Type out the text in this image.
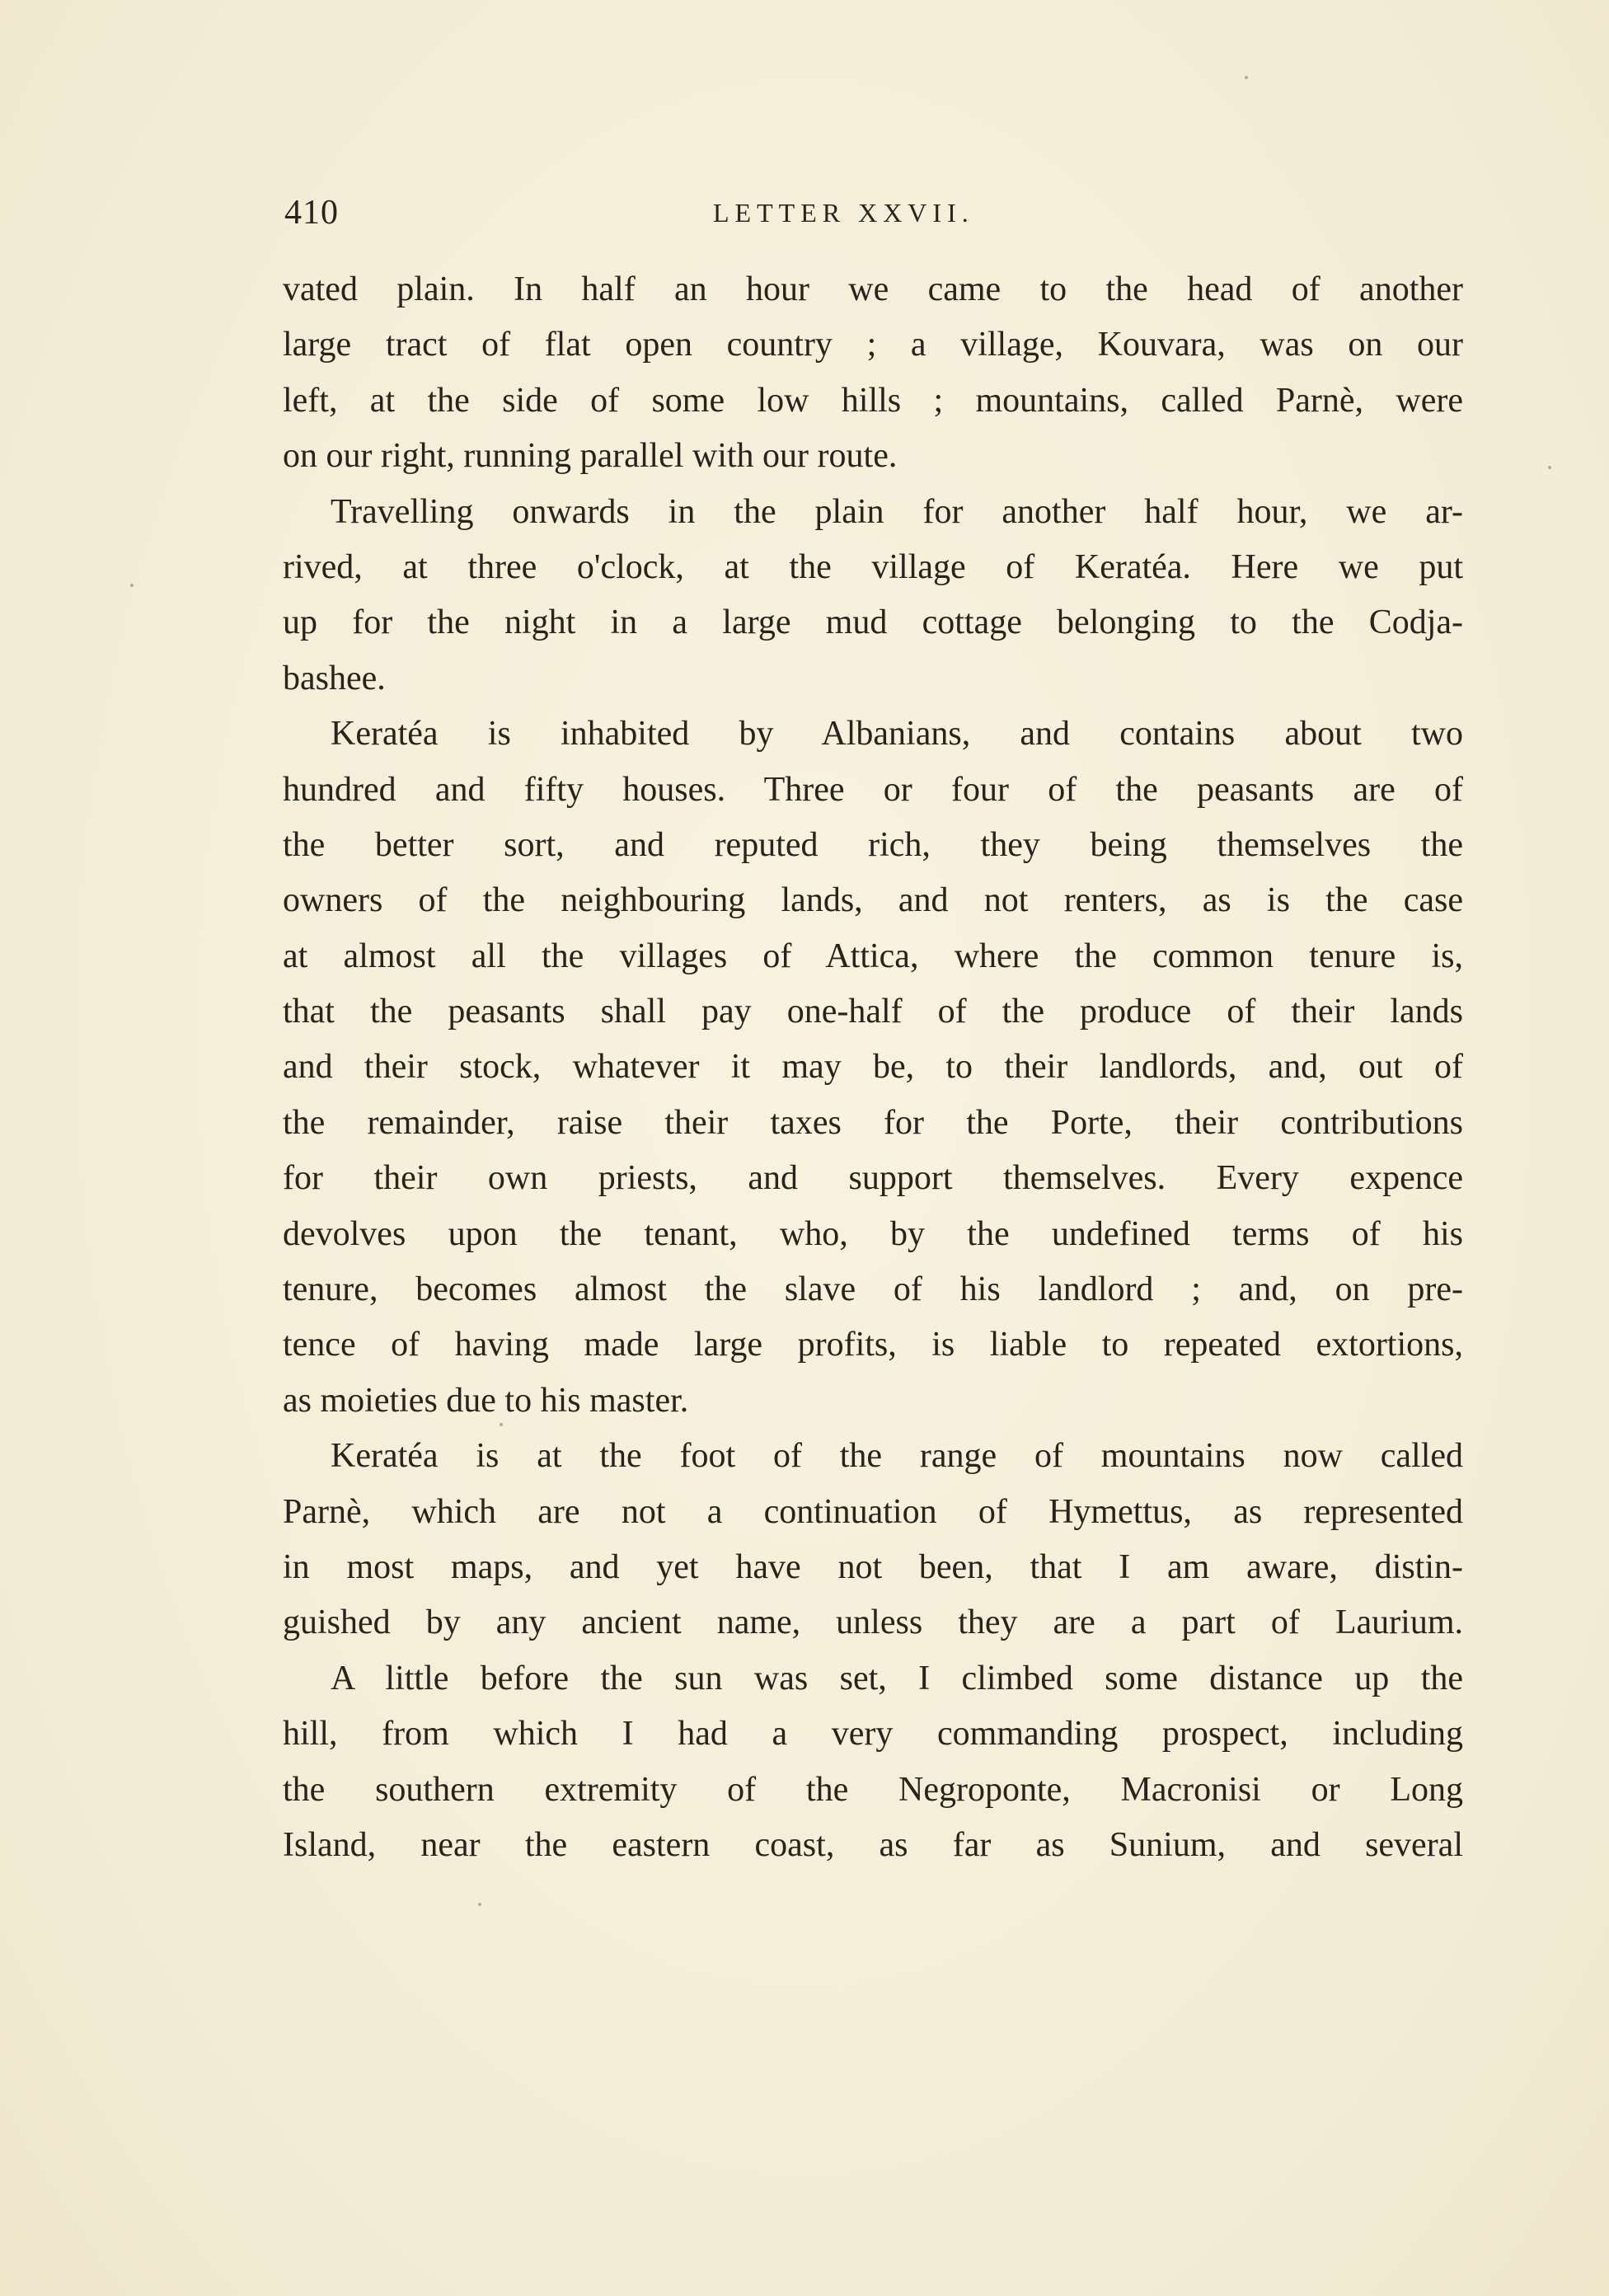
410	LETTER XXVII.
vated plain. In half an hour we came to the head of another
large tract of flat open country ; a village, Kouvara, was on our
left, at the side of some low hills ; mountains, called Parnè, were
on our right, running parallel with our route.
Travelling onwards in the plain for another half hour, we ar-
rived, at three o'clock, at the village of Keratéa. Here we put
up for the night in a large mud cottage belonging to the Codja-
bashee.
Keratéa is inhabited by Albanians, and contains about two
hundred and fifty houses. Three or four of the peasants are of
the better sort, and reputed rich, they being themselves the
owners of the neighbouring lands, and not renters, as is the case
at almost all the villages of Attica, where the common tenure is,
that the peasants shall pay one-half of the produce of their lands
and their stock, whatever it may be, to their landlords, and, out of
the remainder, raise their taxes for the Porte, their contributions
for their own priests, and support themselves. Every expence
devolves upon the tenant, who, by the undefined terms of his
tenure, becomes almost the slave of his landlord ; and, on pre-
tence of having made large profits, is liable to repeated extortions,
as moieties due to his master.
Keratéa is at the foot of the range of mountains now called
Parnè, which are not a continuation of Hymettus, as represented
in most maps, and yet have not been, that I am aware, distin-
guished by any ancient name, unless they are a part of Laurium.
A little before the sun was set, I climbed some distance up the
hill, from which I had a very commanding prospect, including
the southern extremity of the Negroponte, Macronisi or Long
Island, near the eastern coast, as far as Sunium, and several
